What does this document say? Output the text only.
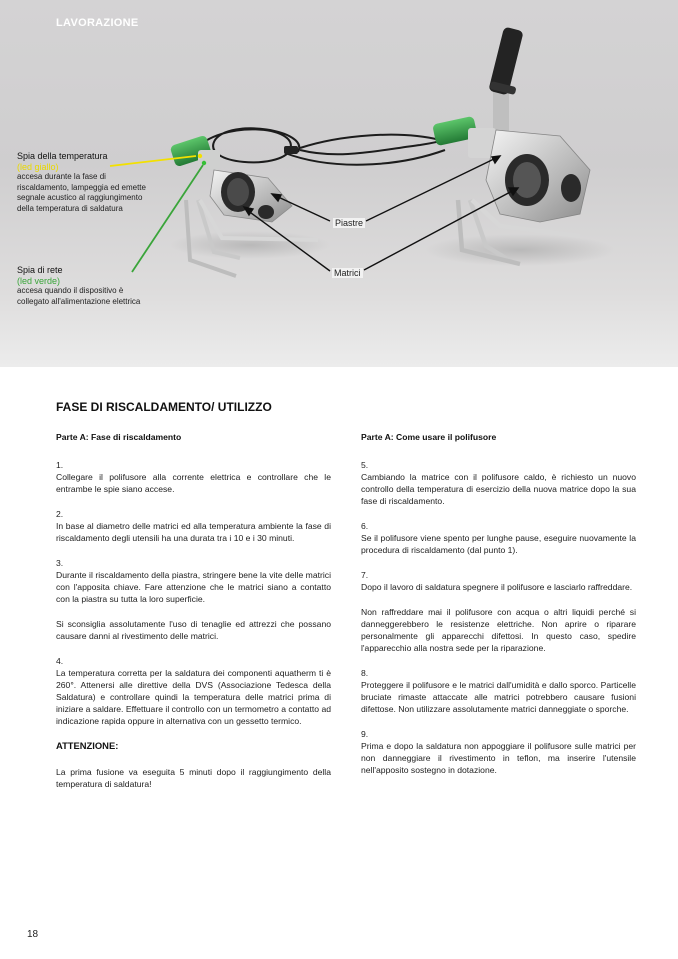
LAVORAZIONE
Spia della temperatura
(led giallo)
accesa durante la fase di riscaldamento, lampeggia ed emette segnale acustico al raggiungimento della temperatura di saldatura
Spia di rete
(led verde)
accesa quando il dispositivo è collegato all'alimentazione elettrica
Piastre
Matrici
FASE DI RISCALDAMENTO/ UTILIZZO
Parte A: Fase di riscaldamento
1.
Collegare il polifusore alla corrente elettrica e controllare che le entrambe le spie siano accese.
2.
In base al diametro delle matrici ed alla temperatura ambiente la fase di riscaldamento degli utensili ha una durata tra i 10 e i 30 minuti.
3.
Durante il riscaldamento della piastra, stringere bene la vite delle matrici con l'apposita chiave. Fare attenzione che le matrici siano a contatto con la piastra su tutta la loro superficie.
Si sconsiglia assolutamente l'uso di tenaglie ed attrezzi che possano causare danni al rivestimento delle matrici.
4.
La temperatura corretta per la saldatura dei componenti aquatherm ti è 260°. Attenersi alle direttive della DVS (Associazione Tedesca della Saldatura) e controllare quindi la temperatura delle matrici prima di iniziare a saldare. Effettuare il controllo con un termometro a contatto ad indicazione rapida oppure in alternativa con un gessetto termico.
ATTENZIONE:
La prima fusione va eseguita 5 minuti dopo il raggiungimento della temperatura di saldatura!
Parte A: Come usare il polifusore
5.
Cambiando la matrice con il polifusore caldo, è richiesto un nuovo controllo della temperatura di esercizio della nuova matrice dopo la sua fase di riscaldamento.
6.
Se il polifusore viene spento per lunghe pause, eseguire nuovamente la procedura di riscaldamento (dal punto 1).
7.
Dopo il lavoro di saldatura spegnere il polifusore e lasciarlo raffreddare.
Non raffreddare mai il polifusore con acqua o altri liquidi perché si danneggerebbero le resistenze elettriche. Non aprire o riparare personalmente gli apparecchi difettosi. In questo caso, spedire l'apparecchio alla nostra sede per la riparazione.
8.
Proteggere il polifusore e le matrici dall'umidità e dallo sporco. Particelle bruciate rimaste attaccate alle matrici potrebbero causare fusioni difettose. Non utilizzare assolutamente matrici danneggiate o sporche.
9.
Prima e dopo la saldatura non appoggiare il polifusore sulle matrici per non danneggiare il rivestimento in teflon, ma inserire l'utensile nell'apposito sostegno in dotazione.
18
